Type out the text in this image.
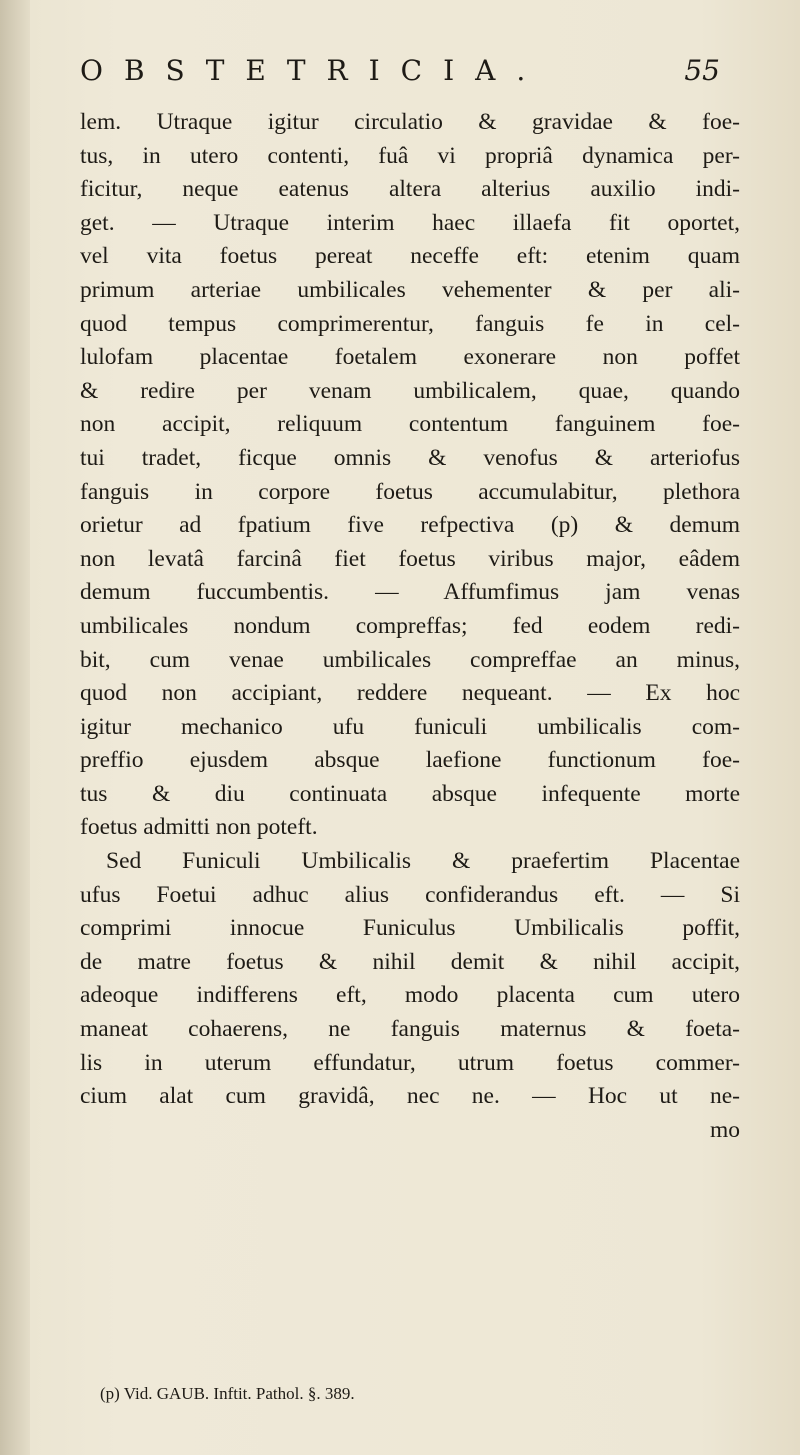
OBSTETRICIA.	55
lem. Utraque igitur circulatio & gravidae & foe-
tus, in utero contenti, fuâ vi propriâ dynamica per-
ficitur, neque eatenus altera alterius auxilio indi-
get. — Utraque interim haec illaefa fit oportet,
vel vita foetus pereat neceffe eft: etenim quam
primum arteriae umbilicales vehementer & per ali-
quod tempus comprimerentur, fanguis fe in cel-
lulofam placentae foetalem exonerare non poffet
& redire per venam umbilicalem, quae, quando
non accipit, reliquum contentum fanguinem foe-
tui tradet, ficque omnis & venofus & arteriofus
fanguis in corpore foetus accumulabitur, plethora
orietur ad fpatium five refpectiva (p) & demum
non levatâ farcinâ fiet foetus viribus major, eâdem
demum fuccumbentis. — Affumfimus jam venas
umbilicales nondum compreffas; fed eodem redi-
bit, cum venae umbilicales compreffae an minus,
quod non accipiant, reddere nequeant. — Ex hoc
igitur mechanico ufu funiculi umbilicalis com-
preffio ejusdem absque laefione functionum foe-
tus & diu continuata absque infequente morte
foetus admitti non poteft.
Sed Funiculi Umbilicalis & praefertim Placentae
ufus Foetui adhuc alius confiderandus eft. — Si
comprimi innocue Funiculus Umbilicalis poffit,
de matre foetus & nihil demit & nihil accipit,
adeoque indifferens eft, modo placenta cum utero
maneat cohaerens, ne fanguis maternus & foeta-
lis in uterum effundatur, utrum foetus commer-
cium alat cum gravidâ, nec ne. — Hoc ut ne-
mo
(p) Vid. GAUB. Inftit. Pathol. §. 389.
